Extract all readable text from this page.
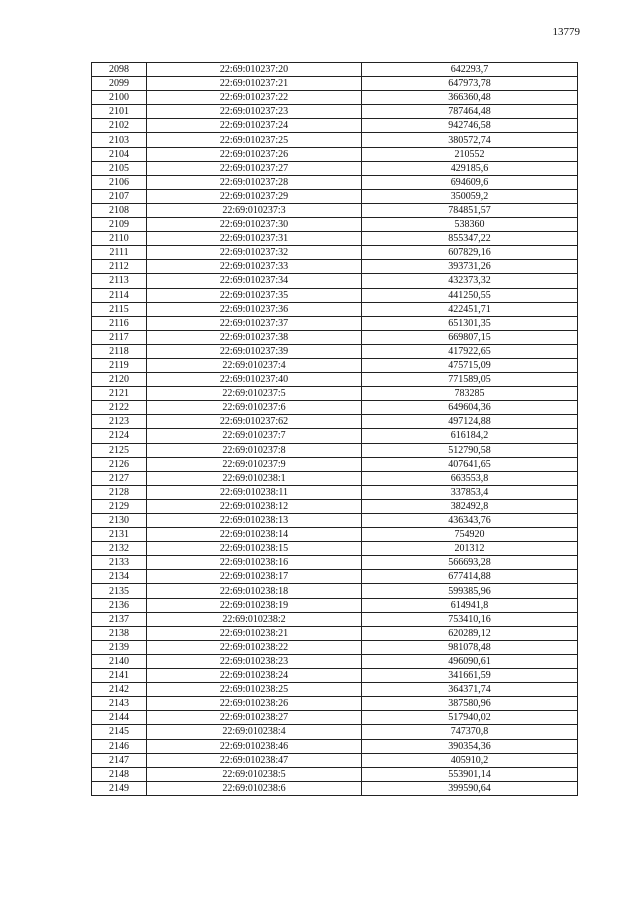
13779
2098	22:69:010237:20	642293,7
2099	22:69:010237:21	647973,78
2100	22:69:010237:22	366360,48
2101	22:69:010237:23	787464,48
2102	22:69:010237:24	942746,58
2103	22:69:010237:25	380572,74
2104	22:69:010237:26	210552
2105	22:69:010237:27	429185,6
2106	22:69:010237:28	694609,6
2107	22:69:010237:29	350059,2
2108	22:69:010237:3	784851,57
2109	22:69:010237:30	538360
2110	22:69:010237:31	855347,22
2111	22:69:010237:32	607829,16
2112	22:69:010237:33	393731,26
2113	22:69:010237:34	432373,32
2114	22:69:010237:35	441250,55
2115	22:69:010237:36	422451,71
2116	22:69:010237:37	651301,35
2117	22:69:010237:38	669807,15
2118	22:69:010237:39	417922,65
2119	22:69:010237:4	475715,09
2120	22:69:010237:40	771589,05
2121	22:69:010237:5	783285
2122	22:69:010237:6	649604,36
2123	22:69:010237:62	497124,88
2124	22:69:010237:7	616184,2
2125	22:69:010237:8	512790,58
2126	22:69:010237:9	407641,65
2127	22:69:010238:1	663553,8
2128	22:69:010238:11	337853,4
2129	22:69:010238:12	382492,8
2130	22:69:010238:13	436343,76
2131	22:69:010238:14	754920
2132	22:69:010238:15	201312
2133	22:69:010238:16	566693,28
2134	22:69:010238:17	677414,88
2135	22:69:010238:18	599385,96
2136	22:69:010238:19	614941,8
2137	22:69:010238:2	753410,16
2138	22:69:010238:21	620289,12
2139	22:69:010238:22	981078,48
2140	22:69:010238:23	496090,61
2141	22:69:010238:24	341661,59
2142	22:69:010238:25	364371,74
2143	22:69:010238:26	387580,96
2144	22:69:010238:27	517940,02
2145	22:69:010238:4	747370,8
2146	22:69:010238:46	390354,36
2147	22:69:010238:47	405910,2
2148	22:69:010238:5	553901,14
2149	22:69:010238:6	399590,64
